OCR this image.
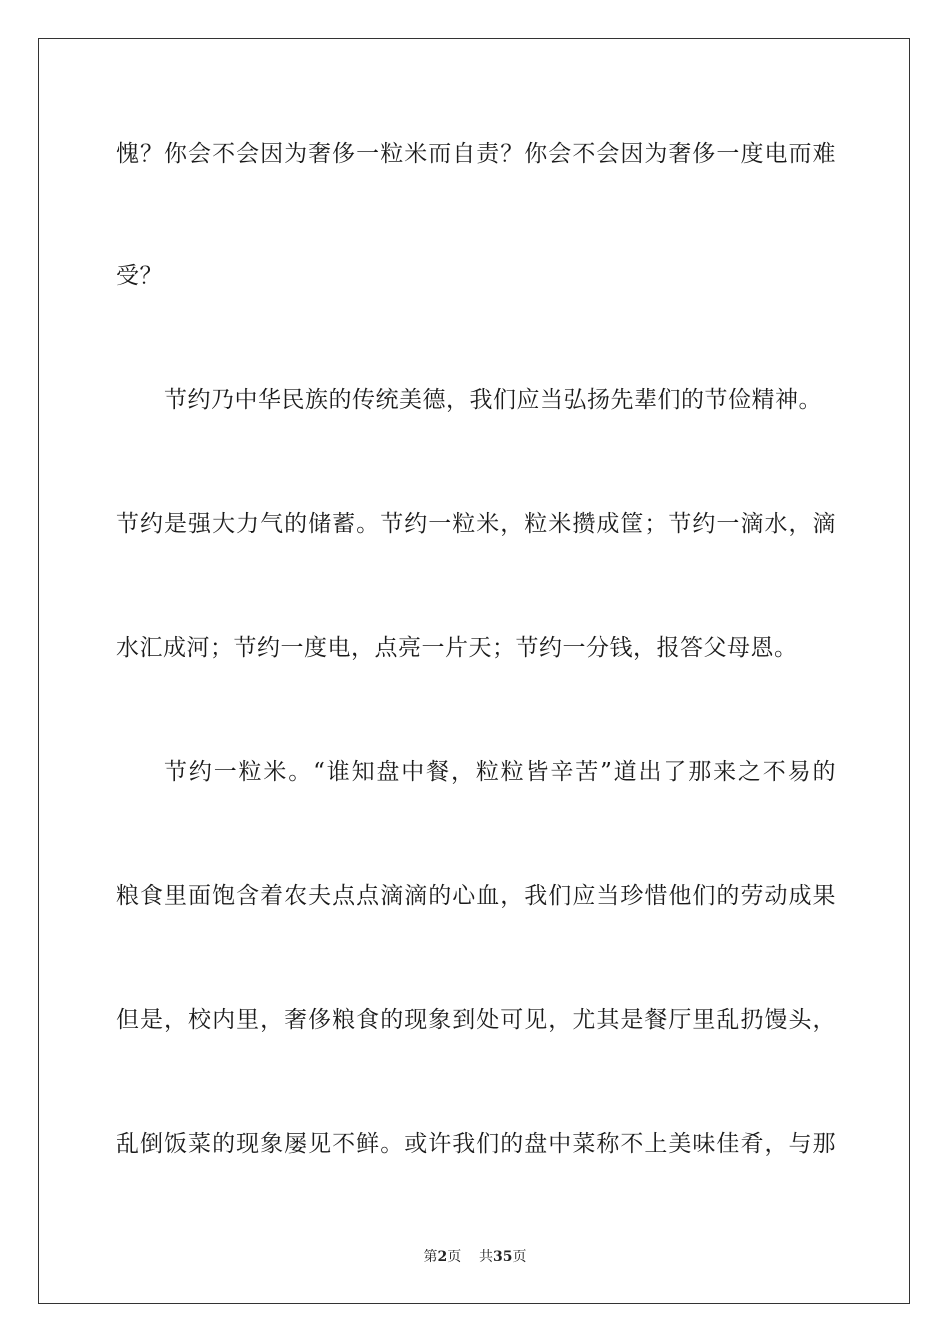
愧？你会不会因为奢侈一粒米而自责？你会不会因为奢侈一度电而难
受？
节约乃中华民族的传统美德，我们应当弘扬先辈们的节俭精神。
节约是强大力气的储蓄。节约一粒米，粒米攒成筐；节约一滴水，滴
水汇成河；节约一度电，点亮一片天；节约一分钱，报答父母恩。
节约一粒米。“谁知盘中餐，粒粒皆辛苦”道出了那来之不易的
粮食里面饱含着农夫点点滴滴的心血，我们应当珍惜他们的劳动成果
但是，校内里，奢侈粮食的现象到处可见，尤其是餐厅里乱扔馒头，
乱倒饭菜的现象屡见不鲜。或许我们的盘中菜称不上美味佳肴，与那
第2页 共35页
